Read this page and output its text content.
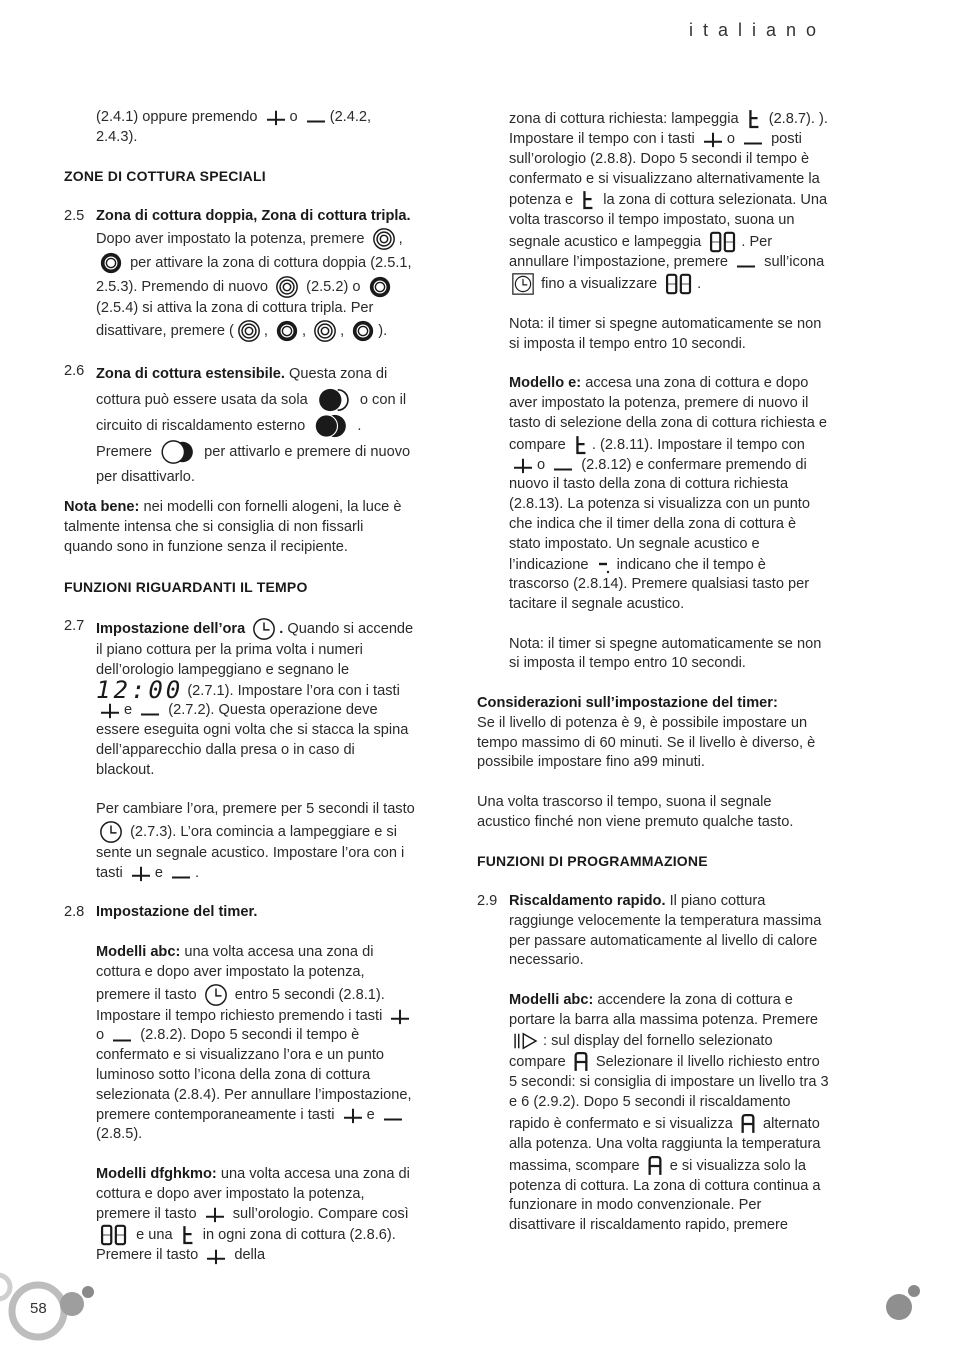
italiano
(2.4.1) oppure premendo o (2.4.2, 2.4.3).
ZONE DI COTTURA SPECIALI
2.5 Zona di cottura doppia, Zona di cottura tripla. Dopo aver impostato la potenza, premere ,  per attivare la zona di cottura doppia (2.5.1, 2.5.3). Premendo di nuovo	(2.5.2) o  (2.5.4) si attiva la zona di cottura tripla. Per disattivare, premere ( , , , ).
2.6 Zona di cottura estensibile. Questa zona di cottura può essere usata da sola	o con il circuito di riscaldamento esterno	. Premere	per attivarlo e premere di nuovo per disattivarlo.
Nota bene: nei modelli con fornelli alogeni, la luce è talmente intensa che si consiglia di non fissarli quando sono in funzione senza il recipiente.
FUNZIONI RIGUARDANTI IL TEMPO
2.7 Impostazione dell’ora . Quando si accende il piano cottura per la prima volta i numeri dell’orologio lampeggiano e segnano le 12:00 (2.7.1). Impostare l’ora con i tasti e (2.7.2). Questa operazione deve essere eseguita ogni volta che si stacca la spina dell’apparecchio dalla presa o in caso di blackout.
Per cambiare l’ora, premere per 5 secondi il tasto  (2.7.3). L’ora comincia a lampeggiare e si sente un segnale acustico. Impostare l’ora con i tasti e .
2.8 Impostazione del timer.
Modelli abc: una volta accesa una zona di cottura e dopo aver impostato la potenza, premere il tasto	entro 5 secondi (2.8.1). Impostare il tempo richiesto premendo i tasti o (2.8.2). Dopo 5 secondi il tempo è confermato e si visualizzano l’ora e un punto luminoso sotto l’icona della zona di cottura selezionata (2.8.4). Per annullare l’impostazione, premere contemporaneamente i tasti e  (2.8.5).
Modelli dfghkmo: una volta accesa una zona di cottura e dopo aver impostato la potenza, premere il tasto sull’orologio. Compare così  e una in ogni zona di cottura (2.8.6). Premere il tasto della
zona di cottura richiesta: lampeggia (2.8.7). ). Impostare il tempo con i tasti o posti sull’orologio (2.8.8). Dopo 5 secondi il tempo è confermato e si visualizzano alternativamente la potenza e la zona di cottura selezionata. Una volta trascorso il tempo impostato, suona un segnale acustico e lampeggia	. Per annullare l’impostazione, premere sull’icona  fino a visualizzare	.
Nota: il timer si spegne automaticamente se non si imposta il tempo entro 10 secondi.
Modello e: accesa una zona di cottura e dopo aver impostato la potenza, premere di nuovo il tasto di selezione della zona di cottura richiesta e compare . (2.8.11). Impostare il tempo con o (2.8.12) e confermare premendo di nuovo il tasto della zona di cottura richiesta (2.8.13). La potenza si visualizza con un punto che indica che il timer della zona di cottura è stato impostato. Un segnale acustico e l’indicazione indicano che il tempo è trascorso (2.8.14). Premere qualsiasi tasto per tacitare il segnale acustico.
Nota: il timer si spegne automaticamente se non si imposta il tempo entro 10 secondi.
Considerazioni sull’impostazione del timer:
Se il livello di potenza è 9, è possibile impostare un tempo massimo di 60 minuti. Se il livello è diverso, è possibile impostare fino a99 minuti.
Una volta trascorso il tempo, suona il segnale acustico finché non viene premuto qualche tasto.
FUNZIONI DI PROGRAMMAZIONE
2.9 Riscaldamento rapido. Il piano cottura raggiunge velocemente la temperatura massima per passare automaticamente al livello di calore necessario.
Modelli abc: accendere la zona di cottura e portare la barra alla massima potenza. Premere : sul display del fornello selezionato compare Selezionare il livello richiesto entro 5 secondi: si consiglia di impostare un livello tra 3 e 6 (2.9.2). Dopo 5 secondi il riscaldamento rapido è confermato e si visualizza alternato alla potenza. Una volta raggiunta la temperatura massima, scompare e si visualizza solo la potenza di cottura. La zona di cottura continua a funzionare in modo convenzionale. Per disattivare il riscaldamento rapido, premere
58
